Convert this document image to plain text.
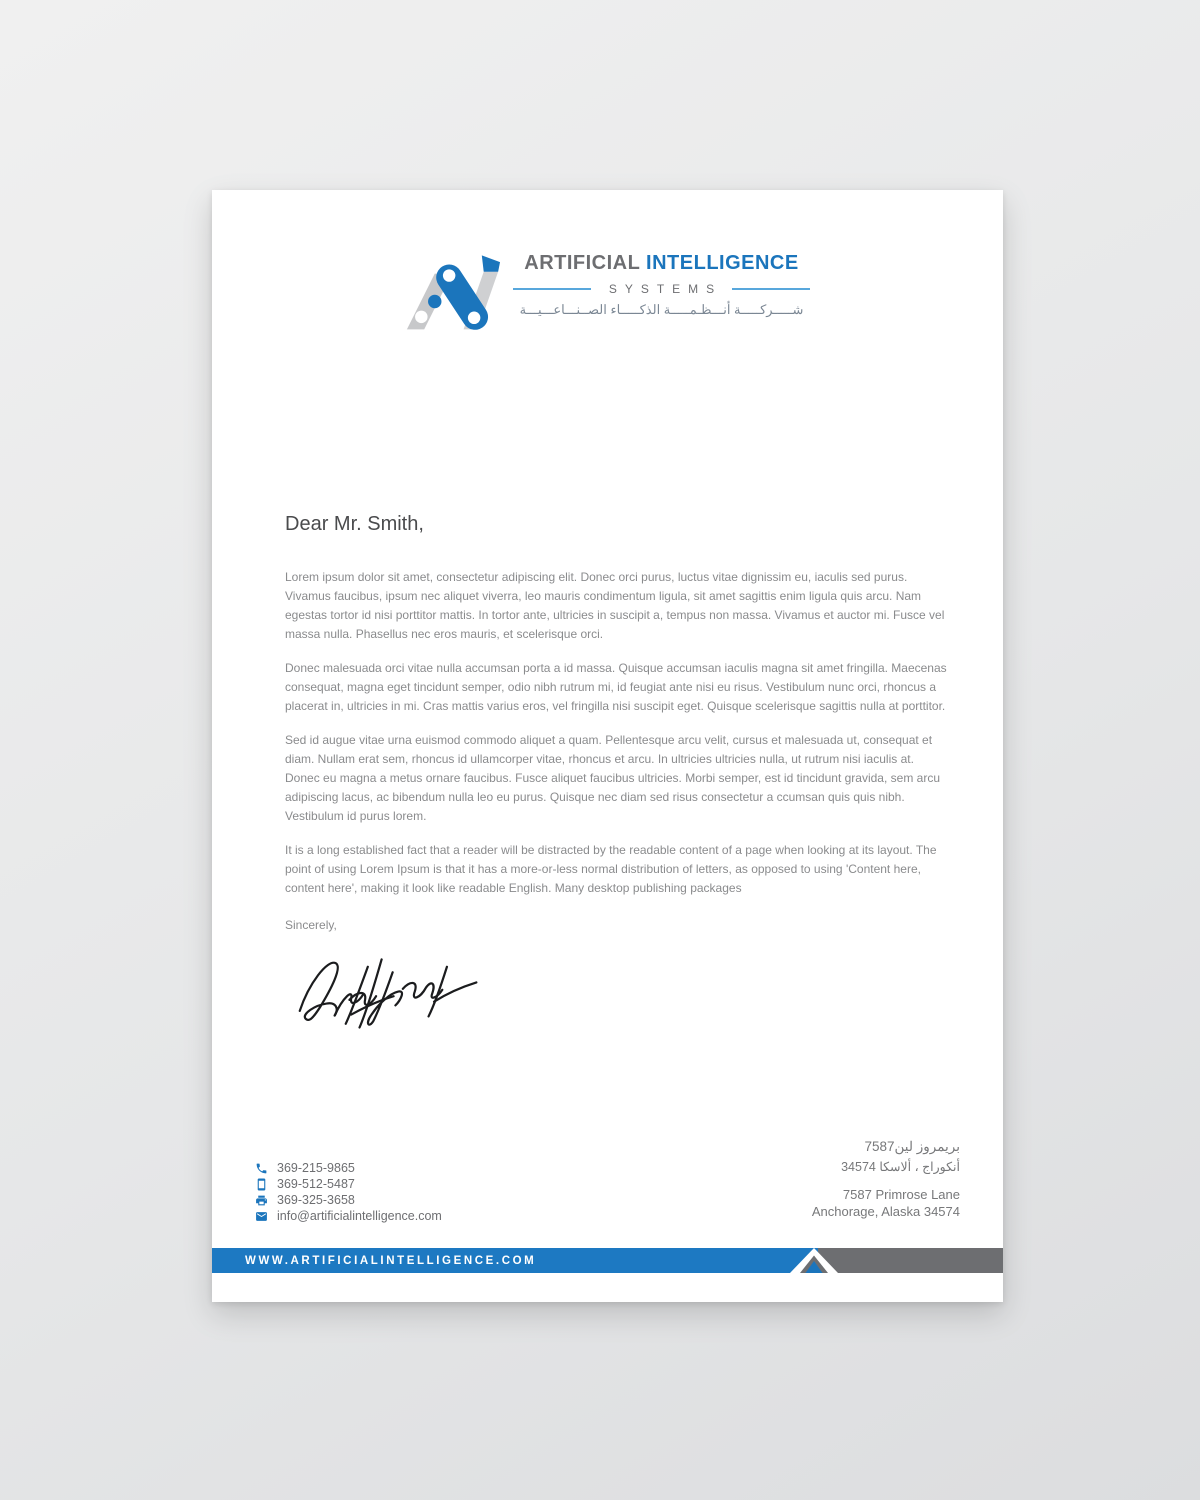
ARTIFICIAL INTELLIGENCE
SYSTEMS
شـــــركـــــة أنـــظـمـــــة الذكـــــاء الصــنـــاعـــيـــة
Dear Mr. Smith,

Lorem ipsum dolor sit amet, consectetur adipiscing elit. Donec orci purus, luctus vitae dignissim eu, iaculis sed purus. Vivamus faucibus, ipsum nec aliquet viverra, leo mauris condimentum ligula, sit amet sagittis enim ligula quis arcu. Nam egestas tortor id nisi porttitor mattis. In tortor ante, ultricies in suscipit a, tempus non massa. Vivamus et auctor mi. Fusce vel massa nulla. Phasellus nec eros mauris, et scelerisque orci.

Donec malesuada orci vitae nulla accumsan porta a id massa. Quisque accumsan iaculis magna sit amet fringilla. Maecenas consequat, magna eget tincidunt semper, odio nibh rutrum mi, id feugiat ante nisi eu risus. Vestibulum nunc orci, rhoncus a placerat in, ultricies in mi. Cras mattis varius eros, vel fringilla nisi suscipit eget. Quisque scelerisque sagittis nulla at porttitor.

Sed id augue vitae urna euismod commodo aliquet a quam. Pellentesque arcu velit, cursus et malesuada ut, consequat et diam. Nullam erat sem, rhoncus id ullamcorper vitae, rhoncus et arcu. In ultricies ultricies nulla, ut rutrum nisi iaculis at. Donec eu magna a metus ornare faucibus. Fusce aliquet faucibus ultricies. Morbi semper, est id tincidunt gravida, sem arcu adipiscing lacus, ac bibendum nulla leo eu purus. Quisque nec diam sed risus consectetur a ccumsan quis quis nibh. Vestibulum id purus lorem.

It is a long established fact that a reader will be distracted by the readable content of a page when looking at its layout. The point of using Lorem Ipsum is that it has a more-or-less normal distribution of letters, as opposed to using 'Content here, content here', making it look like readable English. Many desktop publishing packages

Sincerely,

369-215-9865
369-512-5487
369-325-3658
info@artificialintelligence.com
بريمروز لين7587
أنكوراج ، ألاسكا 34574
7587 Primrose Lane
Anchorage, Alaska 34574
WWW.ARTIFICIALINTELLIGENCE.COM
